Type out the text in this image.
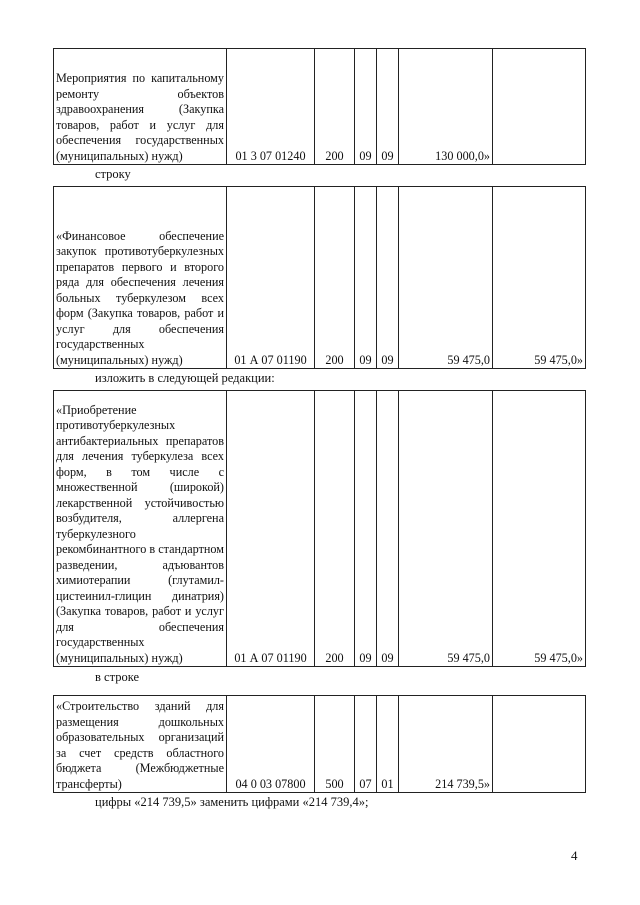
Мероприятия по капитальному ремонту объектов здравоохранения (Закупка товаров, работ и услуг для обеспечения государственных (муниципальных) нужд)	01 3 07 01240	200	09	09	130 000,0»	
строку
«Финансовое обеспечение закупок противотуберкулезных препаратов первого и второго ряда для обеспечения лечения больных туберкулезом всех форм (Закупка товаров, работ и услуг для обеспечения государственных (муниципальных) нужд)	01 А 07 01190	200	09	09	59 475,0	59 475,0»
изложить в следующей редакции:
«Приобретение противотуберкулезных антибактериальных препаратов для лечения туберкулеза всех форм, в том числе с множественной (широкой) лекарственной устойчивостью возбудителя, аллергена туберкулезного рекомбинантного в стандартном разведении, адъювантов химиотерапии (глутамил-цистеинил-глицин динатрия) (Закупка товаров, работ и услуг для обеспечения государственных (муниципальных) нужд)	01 А 07 01190	200	09	09	59 475,0	59 475,0»
в строке
«Строительство зданий для размещения дошкольных образовательных организаций за счет средств областного бюджета (Межбюджетные трансферты)	04 0 03 07800	500	07	01	214 739,5»	
цифры «214 739,5» заменить цифрами «214 739,4»;
4
